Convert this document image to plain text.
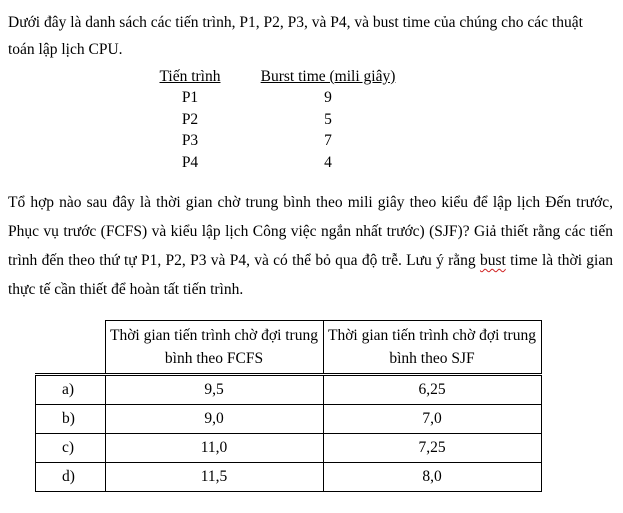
Dưới đây là danh sách các tiến trình, P1, P2, P3, và P4, và bust time của chúng cho các thuật toán lập lịch CPU.

Tiến trình		Burst time (mili giây)
P1		9
P2		5
P3		7
P4		4

Tổ hợp nào sau đây là thời gian chờ trung bình theo mili giây theo kiểu để lập lịch Đến trước, Phục vụ trước (FCFS) và kiểu lập lịch Công việc ngắn nhất trước) (SJF)? Giả thiết rằng các tiến trình đến theo thứ tự P1, P2, P3 và P4, và có thể bỏ qua độ trễ. Lưu ý rằng bust time là thời gian thực tế cần thiết để hoàn tất tiến trình.

	Thời gian tiến trình chờ đợi trung bình theo FCFS	Thời gian tiến trình chờ đợi trung bình theo SJF
a)	9,5	6,25
b)	9,0	7,0
c)	11,0	7,25
d)	11,5	8,0
